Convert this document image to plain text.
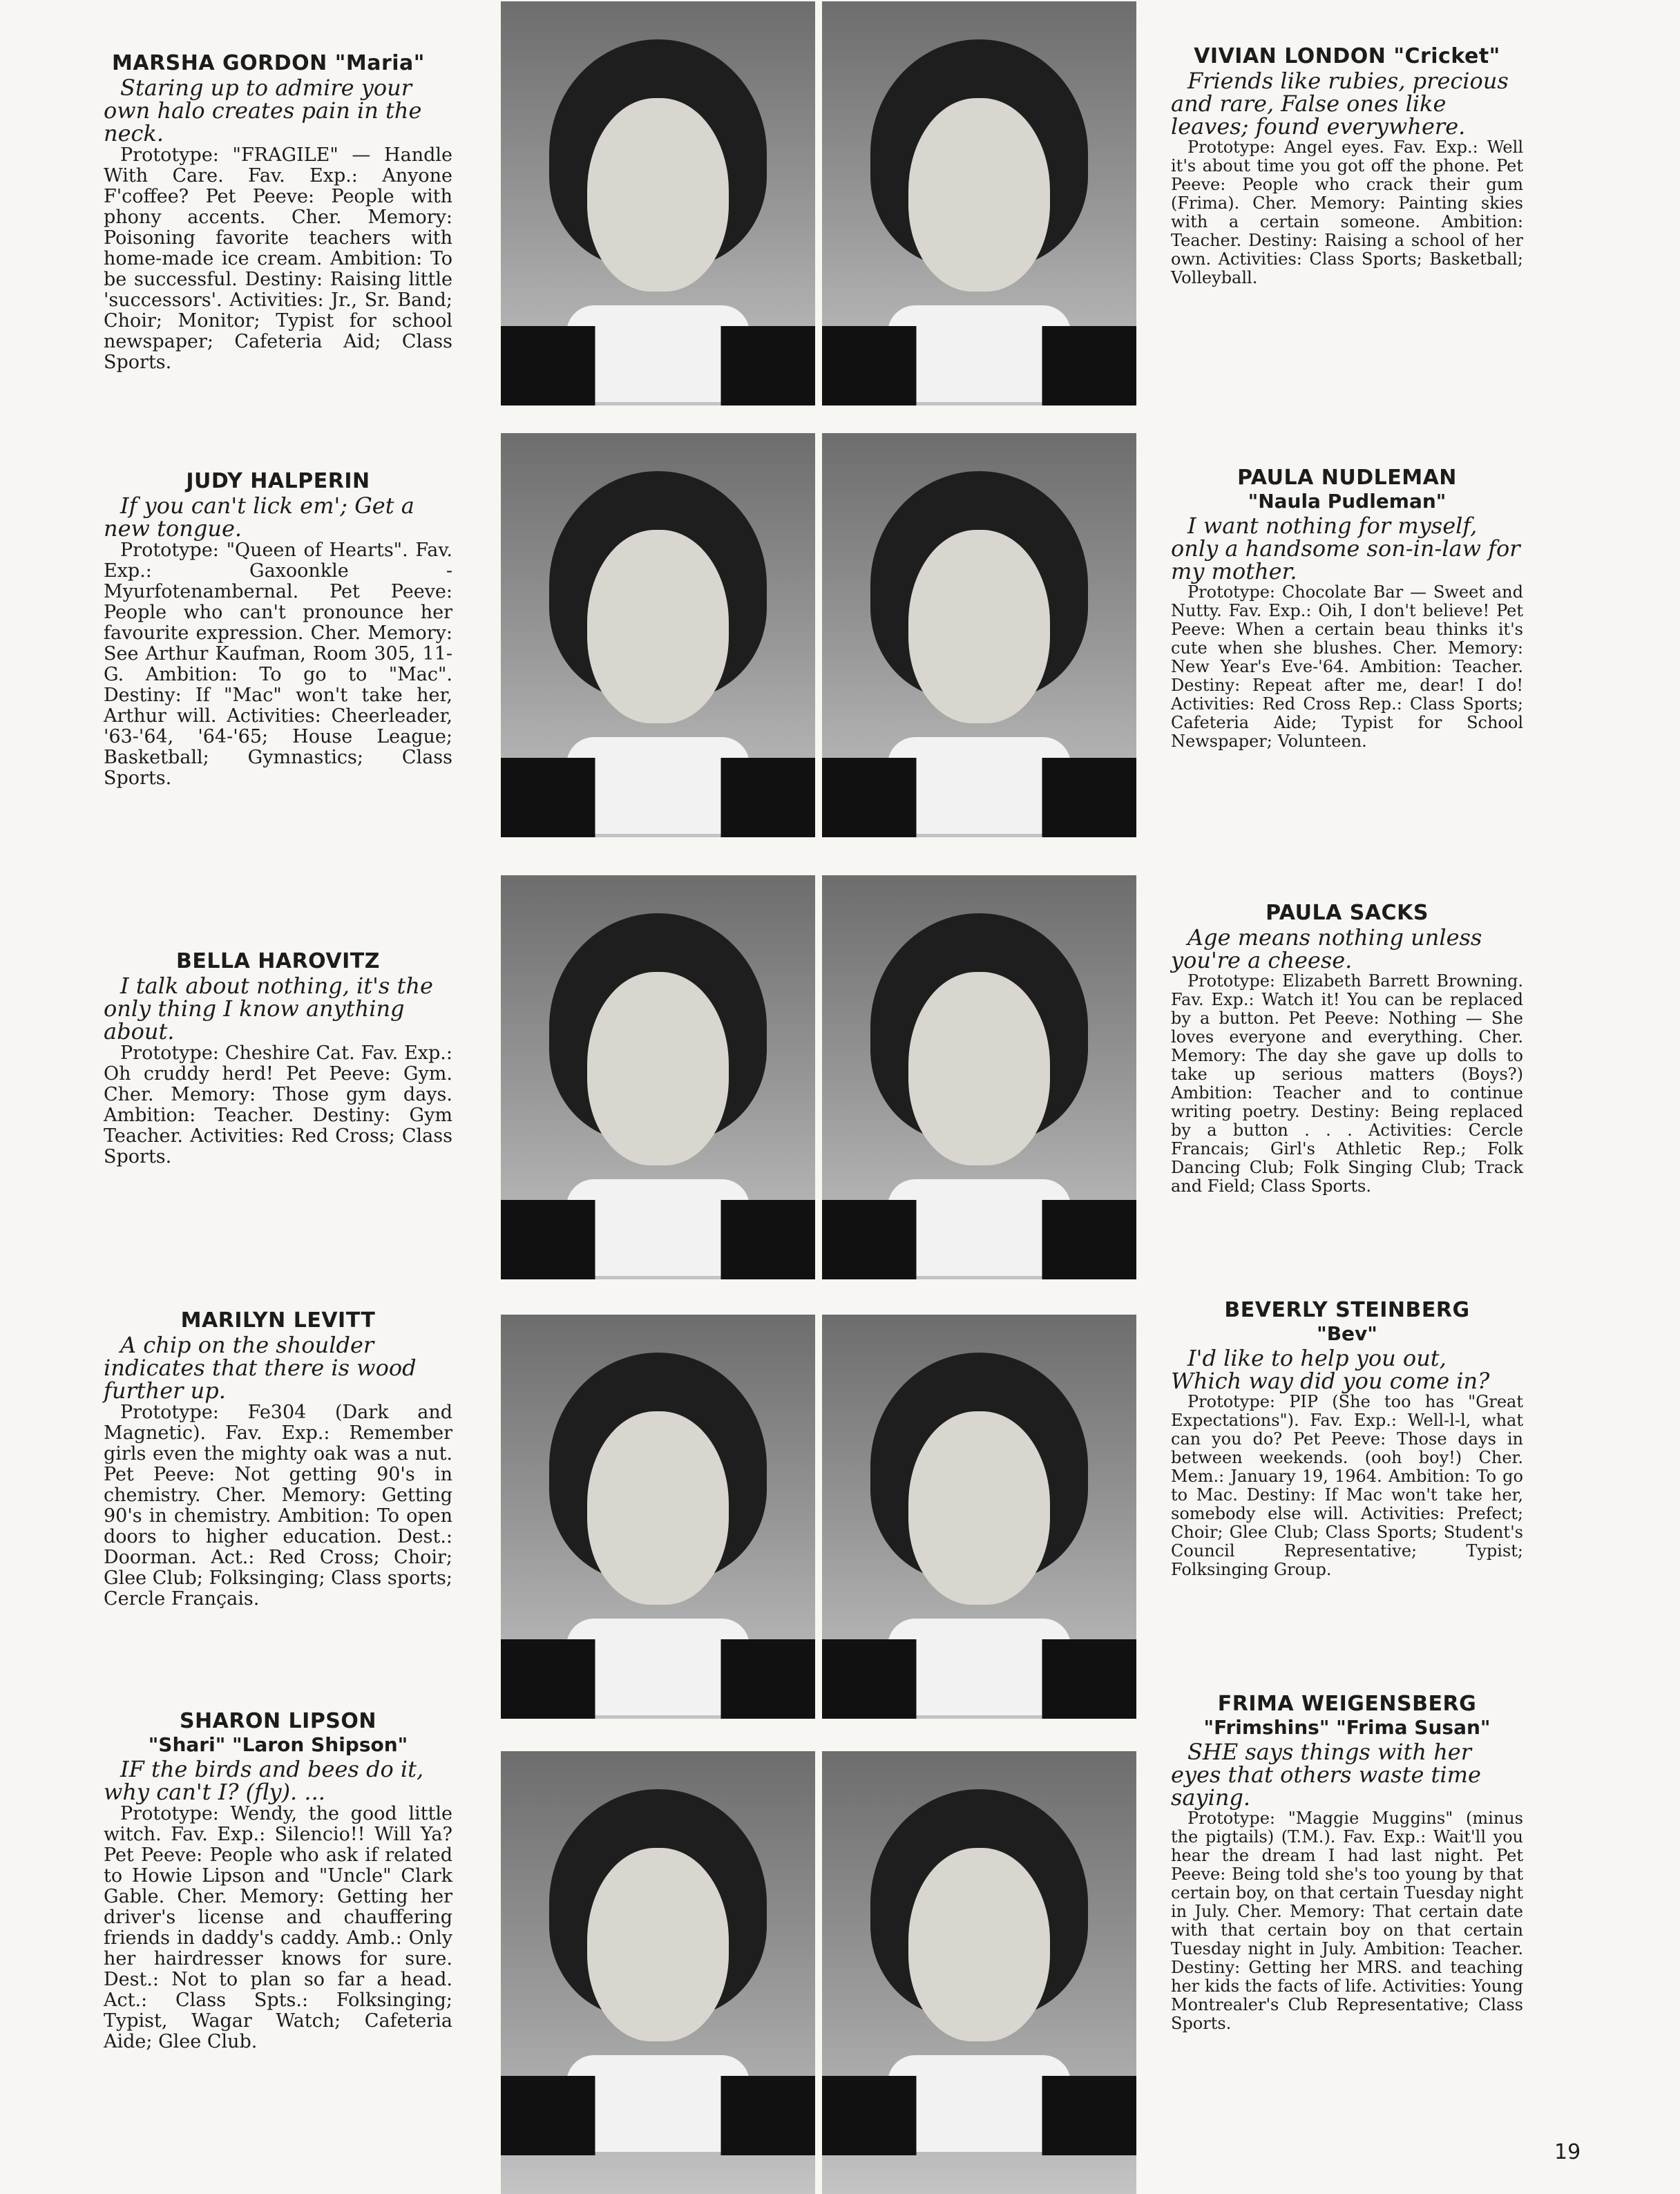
MARSHA GORDON "Maria"

Staring up to admire your own halo creates pain in the neck.

Prototype: "FRAGILE" — Handle With Care. Fav. Exp.: Anyone F'coffee? Pet Peeve: People with phony accents. Cher. Memory: Poisoning favorite teachers with home-made ice cream. Ambition: To be successful. Destiny: Raising little 'successors'. Activities: Jr., Sr. Band; Choir; Monitor; Typist for school newspaper; Cafeteria Aid; Class Sports.

JUDY HALPERIN

If you can't lick em'; Get a new tongue.

Prototype: "Queen of Hearts". Fav. Exp.: Gaxoonkle - Myurfotenambernal. Pet Peeve: People who can't pronounce her favourite expression. Cher. Memory: See Arthur Kaufman, Room 305, 11-G. Ambition: To go to "Mac". Destiny: If "Mac" won't take her, Arthur will. Activities: Cheerleader, '63-'64, '64-'65; House League; Basketball; Gymnastics; Class Sports.

BELLA HAROVITZ

I talk about nothing, it's the only thing I know anything about.

Prototype: Cheshire Cat. Fav. Exp.: Oh cruddy herd! Pet Peeve: Gym. Cher. Memory: Those gym days. Ambition: Teacher. Destiny: Gym Teacher. Activities: Red Cross; Class Sports.

MARILYN LEVITT

A chip on the shoulder indicates that there is wood further up.

Prototype: Fe304 (Dark and Magnetic). Fav. Exp.: Remember girls even the mighty oak was a nut. Pet Peeve: Not getting 90's in chemistry. Cher. Memory: Getting 90's in chemistry. Ambition: To open doors to higher education. Dest.: Doorman. Act.: Red Cross; Choir; Glee Club; Folksinging; Class sports; Cercle Français.

SHARON LIPSON

"Shari" "Laron Shipson"

IF the birds and bees do it, why can't I? (fly). ...

Prototype: Wendy, the good little witch. Fav. Exp.: Silencio!! Will Ya? Pet Peeve: People who ask if related to Howie Lipson and "Uncle" Clark Gable. Cher. Memory: Getting her driver's license and chauffering friends in daddy's caddy. Amb.: Only her hairdresser knows for sure. Dest.: Not to plan so far a head. Act.: Class Spts.: Folksinging; Typist, Wagar Watch; Cafeteria Aide; Glee Club.

VIVIAN LONDON "Cricket"

Friends like rubies, precious and rare, False ones like leaves; found everywhere.

Prototype: Angel eyes. Fav. Exp.: Well it's about time you got off the phone. Pet Peeve: People who crack their gum (Frima). Cher. Memory: Painting skies with a certain someone. Ambition: Teacher. Destiny: Raising a school of her own. Activities: Class Sports; Basketball; Volleyball.

PAULA NUDLEMAN

"Naula Pudleman"

I want nothing for myself, only a handsome son-in-law for my mother.

Prototype: Chocolate Bar — Sweet and Nutty. Fav. Exp.: Oih, I don't believe! Pet Peeve: When a certain beau thinks it's cute when she blushes. Cher. Memory: New Year's Eve-'64. Ambition: Teacher. Destiny: Repeat after me, dear! I do! Activities: Red Cross Rep.: Class Sports; Cafeteria Aide; Typist for School Newspaper; Volunteen.

PAULA SACKS

Age means nothing unless you're a cheese.

Prototype: Elizabeth Barrett Browning. Fav. Exp.: Watch it! You can be replaced by a button. Pet Peeve: Nothing — She loves everyone and everything. Cher. Memory: The day she gave up dolls to take up serious matters (Boys?) Ambition: Teacher and to continue writing poetry. Destiny: Being replaced by a button . . . Activities: Cercle Francais; Girl's Athletic Rep.; Folk Dancing Club; Folk Singing Club; Track and Field; Class Sports.

BEVERLY STEINBERG

"Bev"

I'd like to help you out, Which way did you come in?

Prototype: PIP (She too has "Great Expectations"). Fav. Exp.: Well-l-l, what can you do? Pet Peeve: Those days in between weekends. (ooh boy!) Cher. Mem.: January 19, 1964. Ambition: To go to Mac. Destiny: If Mac won't take her, somebody else will. Activities: Prefect; Choir; Glee Club; Class Sports; Student's Council Representative; Typist; Folksinging Group.

FRIMA WEIGENSBERG

"Frimshins" "Frima Susan"

SHE says things with her eyes that others waste time saying.

Prototype: "Maggie Muggins" (minus the pigtails) (T.M.). Fav. Exp.: Wait'll you hear the dream I had last night. Pet Peeve: Being told she's too young by that certain boy, on that certain Tuesday night in July. Cher. Memory: That certain date with that certain boy on that certain Tuesday night in July. Ambition: Teacher. Destiny: Getting her MRS. and teaching her kids the facts of life. Activities: Young Montrealer's Club Representative; Class Sports.

19
